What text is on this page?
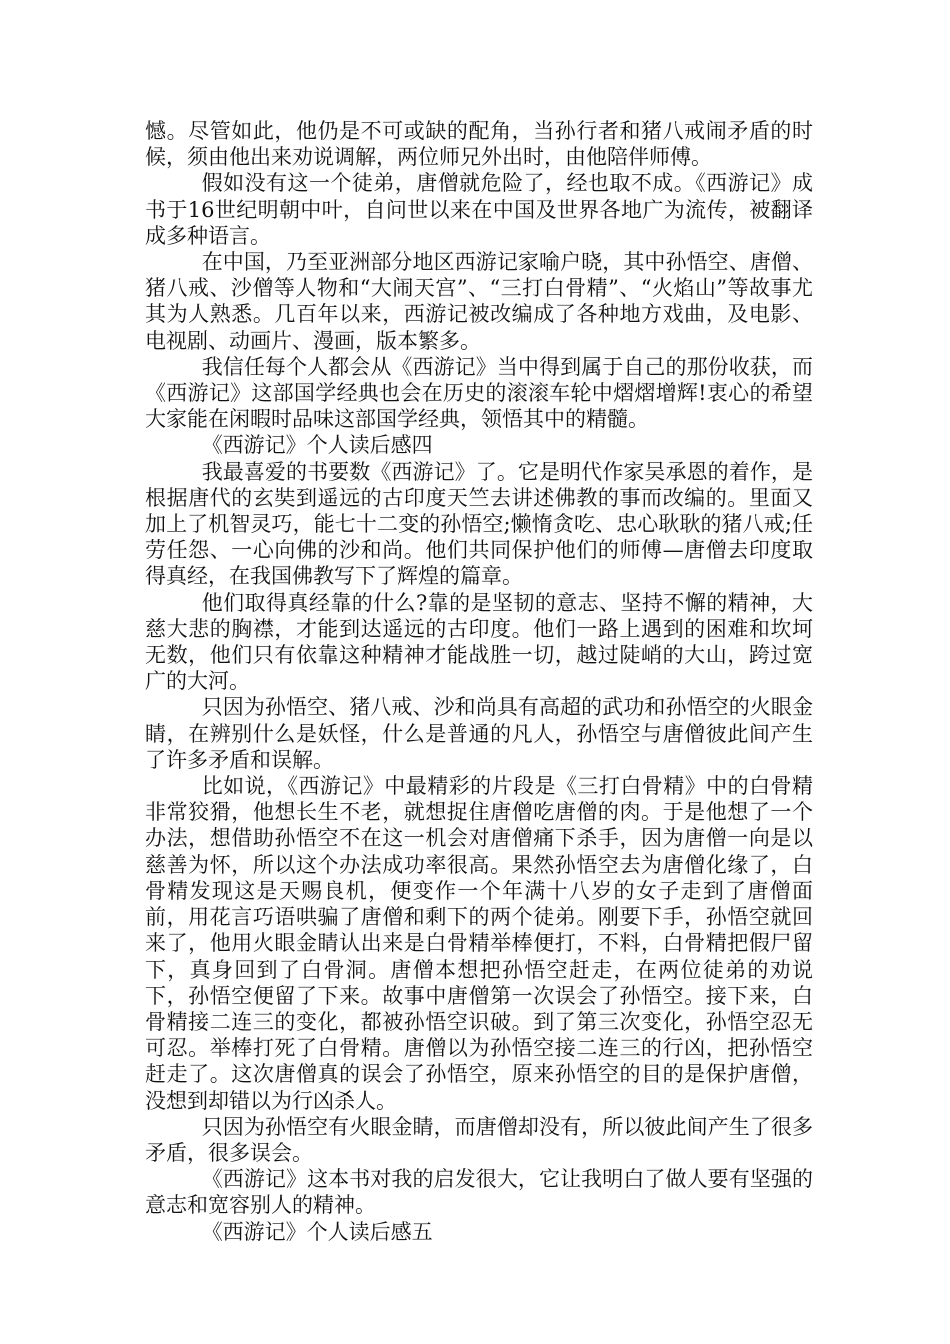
憾。尽管如此，他仍是不可或缺的配角，当孙行者和猪八戒闹矛盾的时候，须由他出来劝说调解，两位师兄外出时，由他陪伴师傅。

假如没有这一个徒弟，唐僧就危险了，经也取不成。《西游记》成书于16世纪明朝中叶，自问世以来在中国及世界各地广为流传，被翻译成多种语言。

在中国，乃至亚洲部分地区西游记家喻户晓，其中孙悟空、唐僧、猪八戒、沙僧等人物和“大闹天宫”、“三打白骨精”、“火焰山”等故事尤其为人熟悉。几百年以来，西游记被改编成了各种地方戏曲，及电影、电视剧、动画片、漫画，版本繁多。

我信任每个人都会从《西游记》当中得到属于自己的那份收获，而《西游记》这部国学经典也会在历史的滚滚车轮中熠熠增辉!衷心的希望大家能在闲暇时品味这部国学经典，领悟其中的精髓。

《西游记》个人读后感四

我最喜爱的书要数《西游记》了。它是明代作家吴承恩的着作，是根据唐代的玄奘到遥远的古印度天竺去讲述佛教的事而改编的。里面又加上了机智灵巧，能七十二变的孙悟空;懒惰贪吃、忠心耿耿的猪八戒;任劳任怨、一心向佛的沙和尚。他们共同保护他们的师傅—唐僧去印度取得真经，在我国佛教写下了辉煌的篇章。

他们取得真经靠的什么?靠的是坚韧的意志、坚持不懈的精神，大慈大悲的胸襟，才能到达遥远的古印度。他们一路上遇到的困难和坎坷无数，他们只有依靠这种精神才能战胜一切，越过陡峭的大山，跨过宽广的大河。

只因为孙悟空、猪八戒、沙和尚具有高超的武功和孙悟空的火眼金睛，在辨别什么是妖怪，什么是普通的凡人，孙悟空与唐僧彼此间产生了许多矛盾和误解。

比如说，《西游记》中最精彩的片段是《三打白骨精》中的白骨精非常狡猾，他想长生不老，就想捉住唐僧吃唐僧的肉。于是他想了一个办法，想借助孙悟空不在这一机会对唐僧痛下杀手，因为唐僧一向是以慈善为怀，所以这个办法成功率很高。果然孙悟空去为唐僧化缘了，白骨精发现这是天赐良机，便变作一个年满十八岁的女子走到了唐僧面前，用花言巧语哄骗了唐僧和剩下的两个徒弟。刚要下手，孙悟空就回来了，他用火眼金睛认出来是白骨精举棒便打，不料，白骨精把假尸留下，真身回到了白骨洞。唐僧本想把孙悟空赶走，在两位徒弟的劝说下，孙悟空便留了下来。故事中唐僧第一次误会了孙悟空。接下来，白骨精接二连三的变化，都被孙悟空识破。到了第三次变化，孙悟空忍无可忍。举棒打死了白骨精。唐僧以为孙悟空接二连三的行凶，把孙悟空赶走了。这次唐僧真的误会了孙悟空，原来孙悟空的目的是保护唐僧，没想到却错以为行凶杀人。

只因为孙悟空有火眼金睛，而唐僧却没有，所以彼此间产生了很多矛盾，很多误会。

《西游记》这本书对我的启发很大，它让我明白了做人要有坚强的意志和宽容别人的精神。

《西游记》个人读后感五
